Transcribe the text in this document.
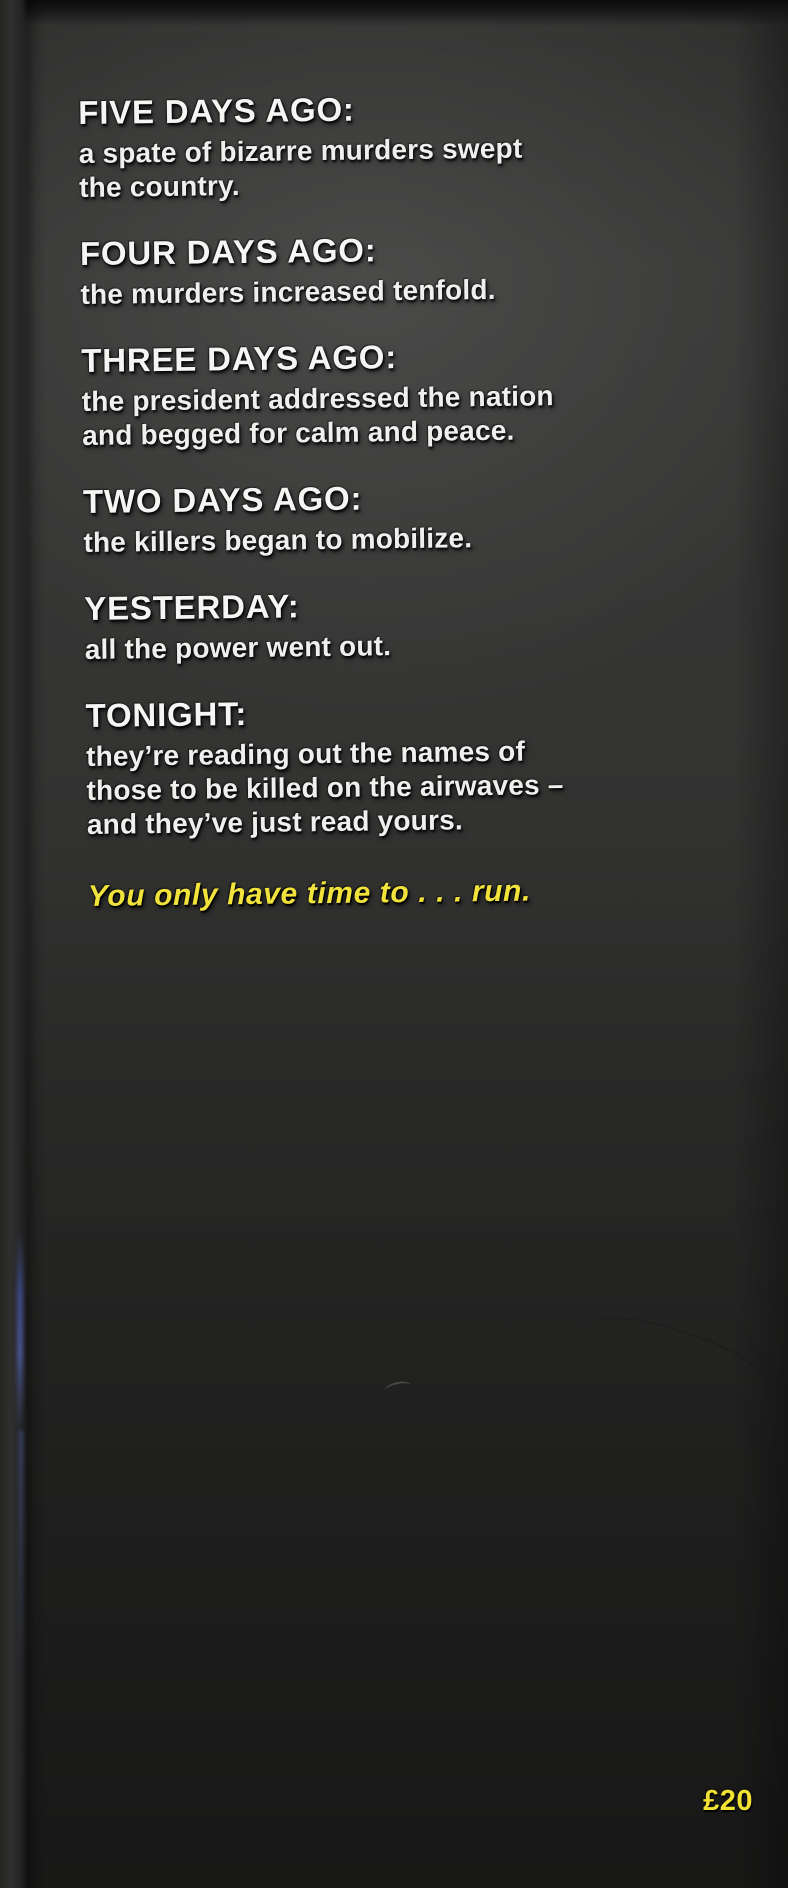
FIVE DAYS AGO:

a spate of bizarre murders swept
the country.

FOUR DAYS AGO:

the murders increased tenfold.

THREE DAYS AGO:

the president addressed the nation
and begged for calm and peace.

TWO DAYS AGO:

the killers began to mobilize.

YESTERDAY:

all the power went out.

TONIGHT:

they’re reading out the names of
those to be killed on the airwaves –
and they’ve just read yours.

You only have time to . . . run.

£20
